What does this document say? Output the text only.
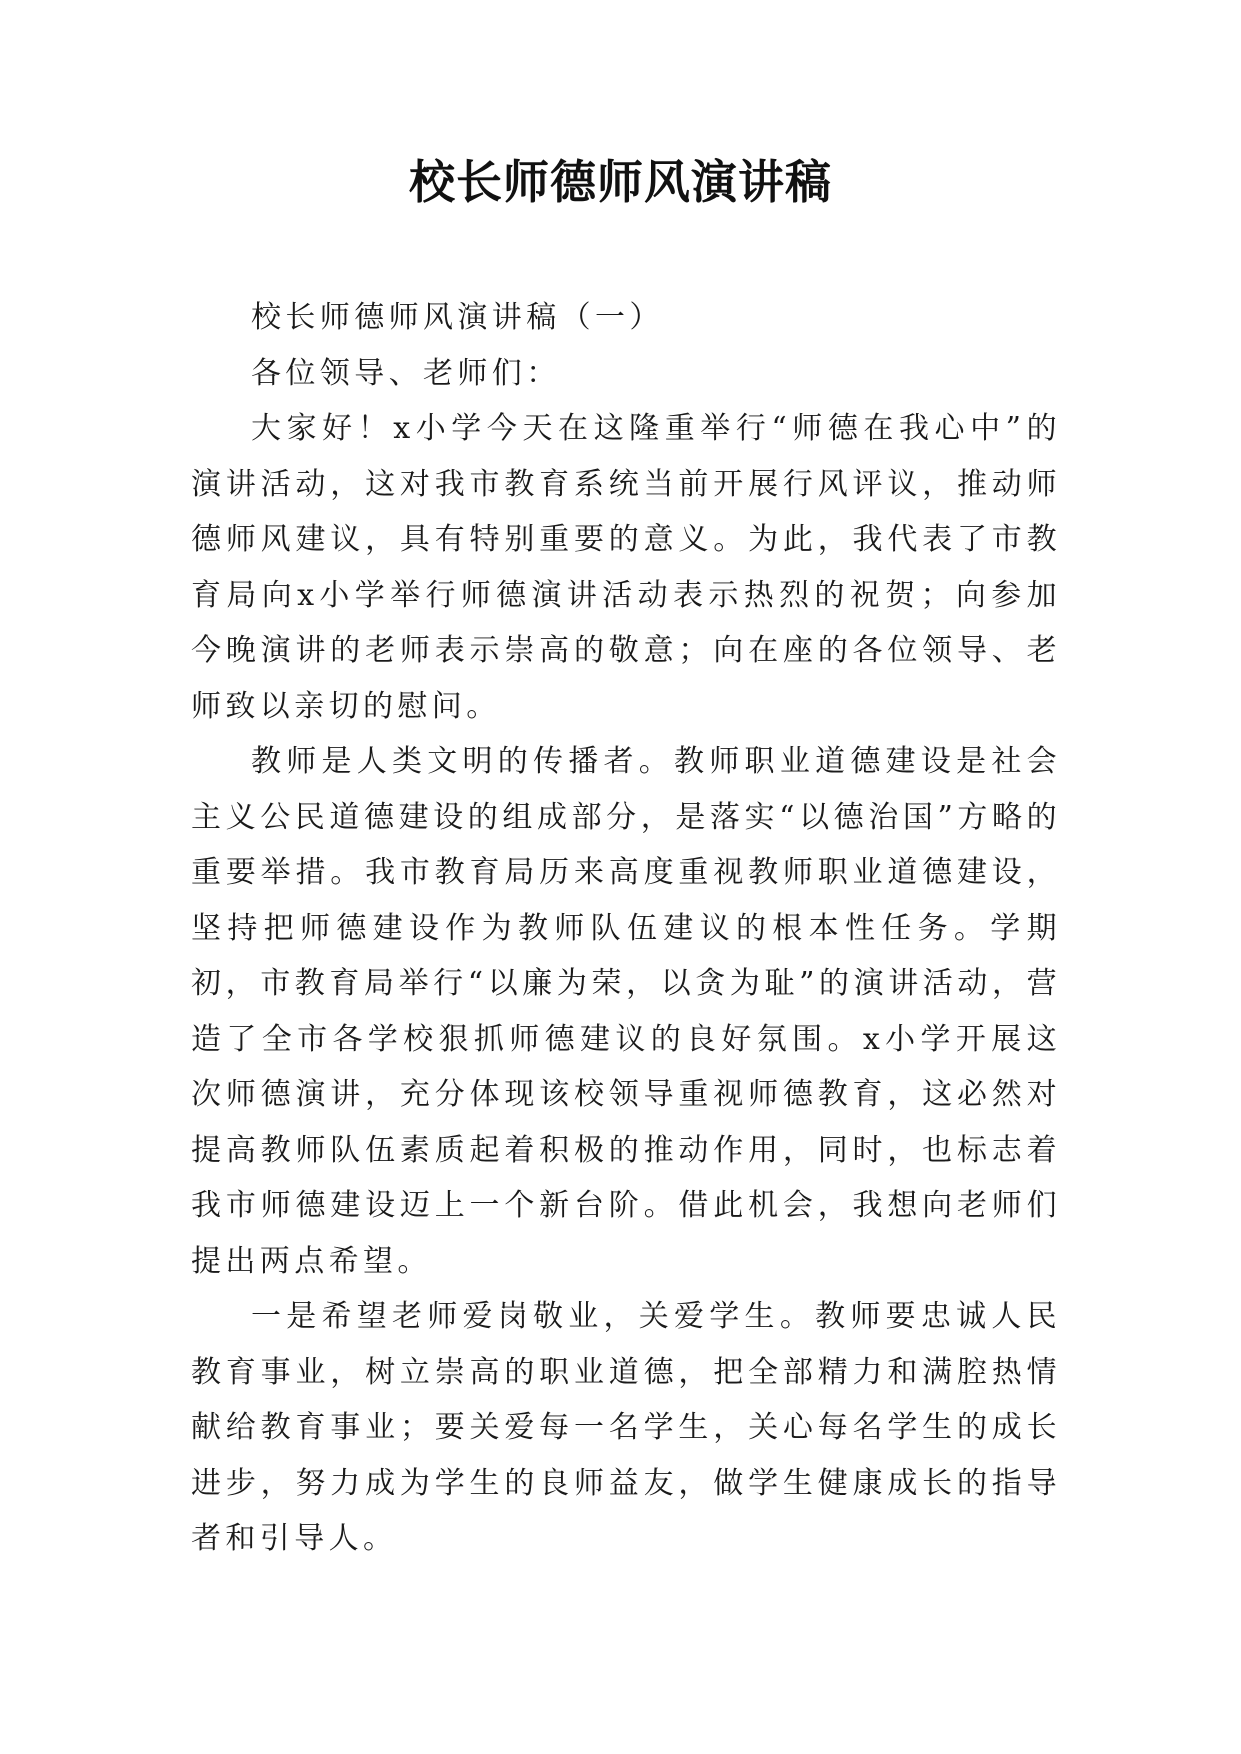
校长师德师风演讲稿

校长师德师风演讲稿（一）

各位领导、老师们：

大家好！x小学今天在这隆重举行“师德在我心中”的演讲活动，这对我市教育系统当前开展行风评议，推动师德师风建议，具有特别重要的意义。为此，我代表了市教育局向x小学举行师德演讲活动表示热烈的祝贺；向参加今晚演讲的老师表示崇高的敬意；向在座的各位领导、老师致以亲切的慰问。

教师是人类文明的传播者。教师职业道德建设是社会主义公民道德建设的组成部分，是落实“以德治国”方略的重要举措。我市教育局历来高度重视教师职业道德建设，坚持把师德建设作为教师队伍建议的根本性任务。学期初，市教育局举行“以廉为荣，以贪为耻”的演讲活动，营造了全市各学校狠抓师德建议的良好氛围。x小学开展这次师德演讲，充分体现该校领导重视师德教育，这必然对提高教师队伍素质起着积极的推动作用，同时，也标志着我市师德建设迈上一个新台阶。借此机会，我想向老师们提出两点希望。

一是希望老师爱岗敬业，关爱学生。教师要忠诚人民教育事业，树立崇高的职业道德，把全部精力和满腔热情献给教育事业；要关爱每一名学生，关心每名学生的成长进步，努力成为学生的良师益友，做学生健康成长的指导者和引导人。
